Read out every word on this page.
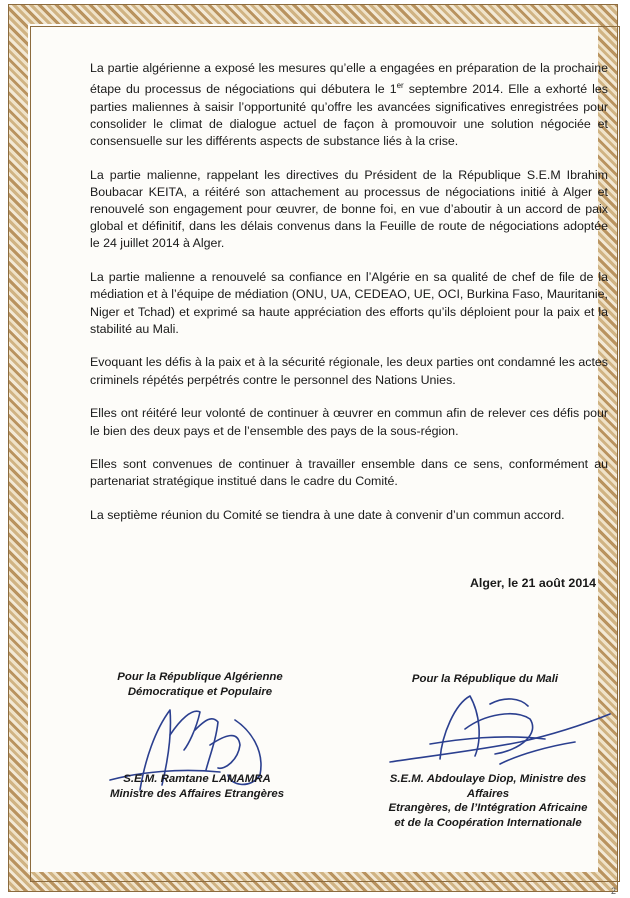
La partie algérienne a exposé les mesures qu’elle a engagées en préparation de la prochaine étape du processus de négociations qui débutera le 1er septembre 2014. Elle a exhorté les parties maliennes à saisir l’opportunité qu’offre les avancées significatives enregistrées pour consolider le climat de dialogue actuel de façon à promouvoir une solution négociée et consensuelle sur les différents aspects de substance liés à la crise.

La partie malienne, rappelant les directives du Président de la République S.E.M Ibrahim Boubacar KEITA, a réitéré son attachement au processus de négociations initié à Alger et renouvelé son engagement pour œuvrer, de bonne foi, en vue d’aboutir à un accord de paix global et définitif, dans les délais convenus dans la Feuille de route de négociations adoptée le 24 juillet 2014 à Alger.

La partie malienne a renouvelé sa confiance en l’Algérie en sa qualité de chef de file de la médiation et à l’équipe de médiation (ONU, UA, CEDEAO, UE, OCI, Burkina Faso, Mauritanie, Niger et Tchad) et exprimé sa haute appréciation des efforts qu’ils déploient pour la paix et la stabilité au Mali.

Evoquant les défis à la paix et à la sécurité régionale, les deux parties ont condamné les actes criminels répétés perpétrés contre le personnel des Nations Unies.

Elles ont réitéré leur volonté de continuer à œuvrer en commun afin de relever ces défis pour le bien des deux pays et de l’ensemble des pays de la sous-région.

Elles sont convenues de continuer à travailler ensemble dans ce sens, conformément au partenariat stratégique institué dans le cadre du Comité.

La septième réunion du Comité se tiendra à une date à convenir d’un commun accord.

Alger, le 21 août 2014
Pour la République Algérienne
Démocratique et Populaire
S.E.M. Ramtane LAMAMRA
Ministre des Affaires Etrangères
Pour la République du Mali
S.E.M. Abdoulaye Diop, Ministre des Affaires
Etrangères, de l’Intégration Africaine
et de la Coopération Internationale
2
